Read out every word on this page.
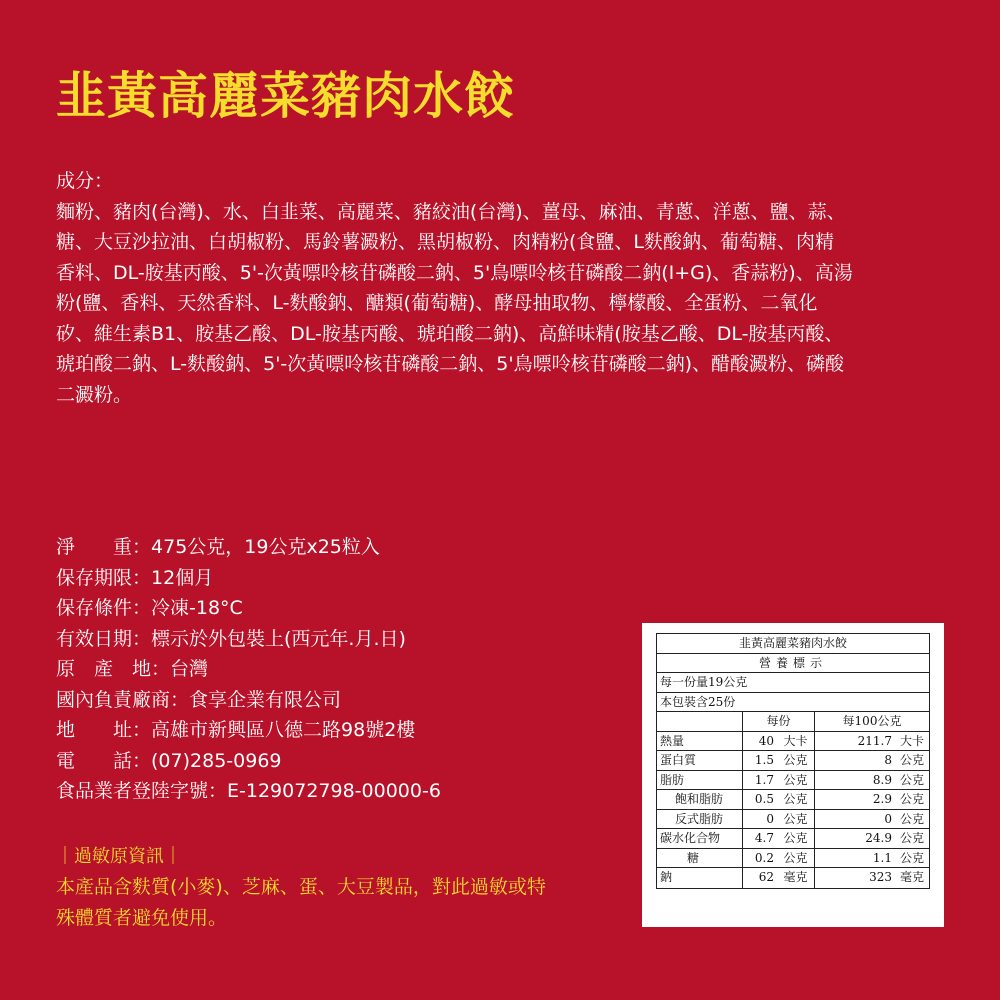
韭黃高麗菜豬肉水餃
成分：
麵粉、豬肉(台灣)、水、白韭菜、高麗菜、豬絞油(台灣)、薑母、麻油、青蔥、洋蔥、鹽、蒜、
糖、大豆沙拉油、白胡椒粉、馬鈴薯澱粉、黑胡椒粉、肉精粉(食鹽、L麩酸鈉、葡萄糖、肉精
香料、DL-胺基丙酸、5'-次黃嘌呤核苷磷酸二鈉、5'鳥嘌呤核苷磷酸二鈉(I+G)、香蒜粉)、高湯
粉(鹽、香料、天然香料、L-麩酸鈉、醣類(葡萄糖)、酵母抽取物、檸檬酸、全蛋粉、二氧化
矽、維生素B1、胺基乙酸、DL-胺基丙酸、琥珀酸二鈉)、高鮮味精(胺基乙酸、DL-胺基丙酸、
琥珀酸二鈉、L-麩酸鈉、5'-次黃嘌呤核苷磷酸二鈉、5'鳥嘌呤核苷磷酸二鈉)、醋酸澱粉、磷酸
二澱粉。
淨　　重： 475公克，19公克x25粒入
保存期限： 12個月
保存條件： 冷凍-18°C
有效日期： 標示於外包裝上(西元年.月.日)
原　產　地： 台灣
國內負責廠商： 食享企業有限公司
地　　址： 高雄市新興區八德二路98號2樓
電　　話： (07)285-0969
食品業者登陸字號： E-129072798-00000-6
｜過敏原資訊｜
本產品含麩質(小麥)、芝麻、蛋、大豆製品，對此過敏或特
殊體質者避免使用。
韭黃高麗菜豬肉水餃
營養標示
每一份量19公克
本包裝含25份
每份	每100公克
熱量	40 大卡	211.7 大卡
蛋白質	1.5 公克	8 公克
脂肪	1.7 公克	8.9 公克
飽和脂肪	0.5 公克	2.9 公克
反式脂肪	0 公克	0 公克
碳水化合物	4.7 公克	24.9 公克
糖	0.2 公克	1.1 公克
鈉	62 毫克	323 毫克
